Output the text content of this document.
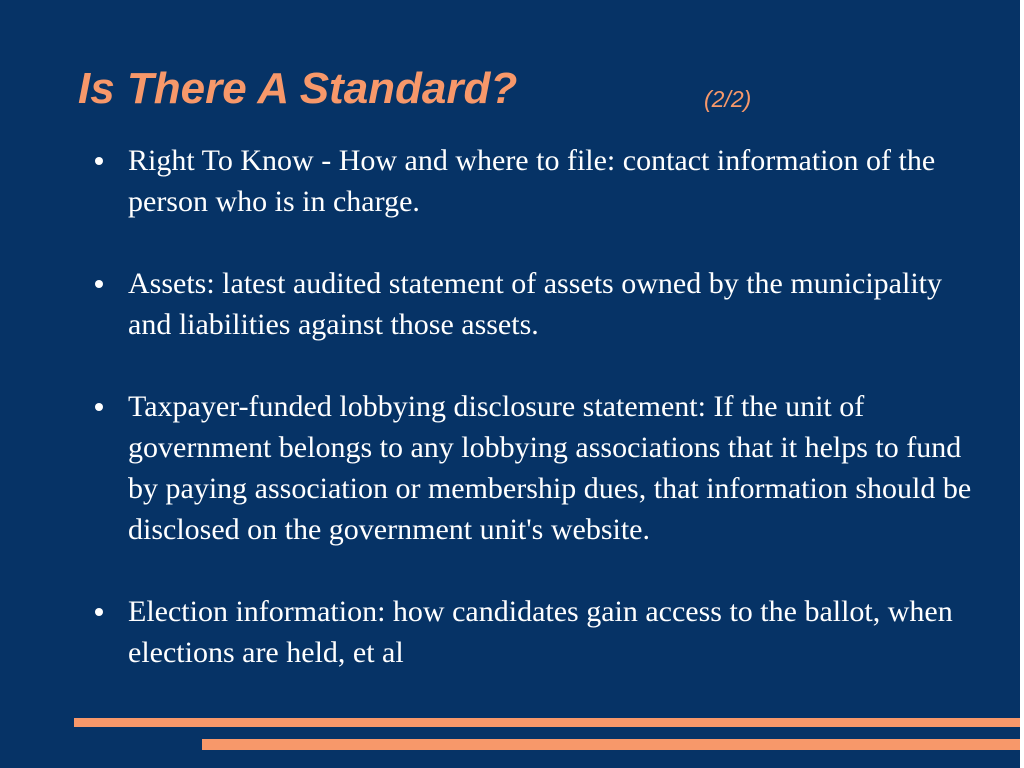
Is There A Standard?	(2/2)
Right To Know - How and where to file: contact information of the person who is in charge.
Assets: latest audited statement of assets owned by the municipality and liabilities against those assets.
Taxpayer-funded lobbying disclosure statement: If the unit of government belongs to any lobbying associations that it helps to fund by paying association or membership dues, that information should be disclosed on the government unit's website.
Election information: how candidates gain access to the ballot, when elections are held, et al
